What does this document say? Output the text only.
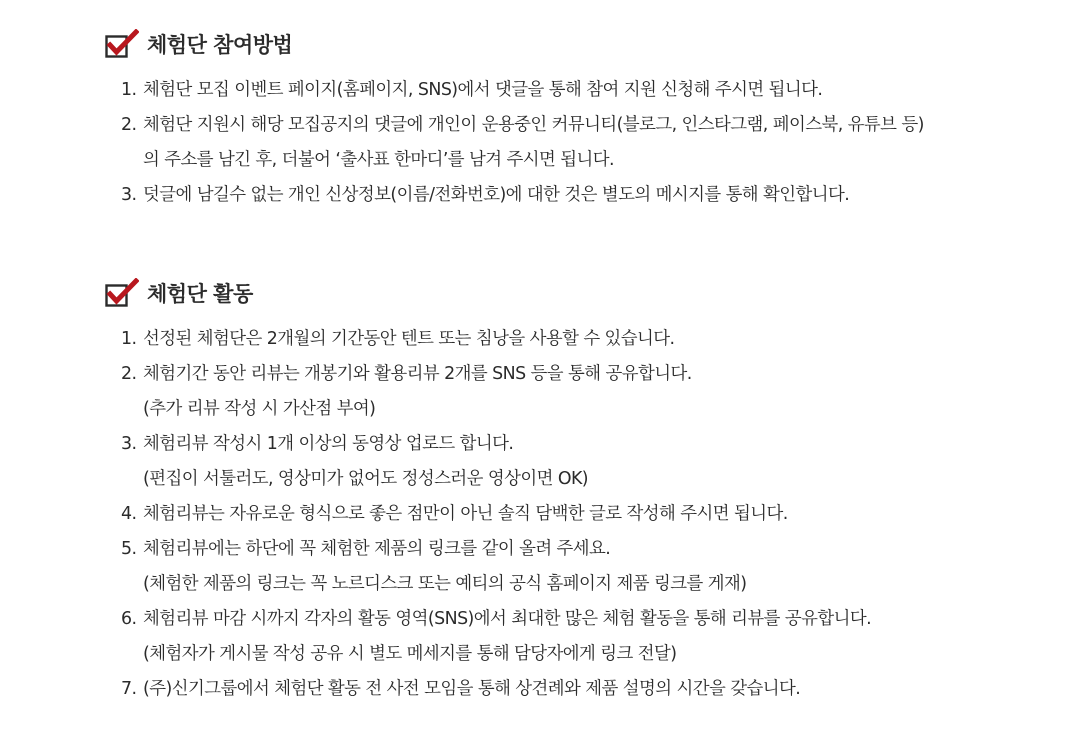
체험단 참여방법
1. 체험단 모집 이벤트 페이지(홈페이지, SNS)에서 댓글을 통해 참여 지원 신청해 주시면 됩니다.
2. 체험단 지원시 해당 모집공지의 댓글에 개인이 운용중인 커뮤니티(블로그, 인스타그램, 페이스북, 유튜브 등)
의 주소를 남긴 후, 더불어 ‘출사표 한마디’를 남겨 주시면 됩니다.
3. 덧글에 남길수 없는 개인 신상정보(이름/전화번호)에 대한 것은 별도의 메시지를 통해 확인합니다.
체험단 활동
1. 선정된 체험단은 2개월의 기간동안 텐트 또는 침낭을 사용할 수 있습니다.
2. 체험기간 동안 리뷰는 개봉기와 활용리뷰 2개를 SNS 등을 통해 공유합니다.
(추가 리뷰 작성 시 가산점 부여)
3. 체험리뷰 작성시 1개 이상의 동영상 업로드 합니다.
(편집이 서툴러도, 영상미가 없어도 정성스러운 영상이면 OK)
4. 체험리뷰는 자유로운 형식으로 좋은 점만이 아닌 솔직 담백한 글로 작성해 주시면 됩니다.
5. 체험리뷰에는 하단에 꼭 체험한 제품의 링크를 같이 올려 주세요.
(체험한 제품의 링크는 꼭 노르디스크 또는 예티의 공식 홈페이지 제품 링크를 게재)
6. 체험리뷰 마감 시까지 각자의 활동 영역(SNS)에서 최대한 많은 체험 활동을 통해 리뷰를 공유합니다.
(체험자가 게시물 작성 공유 시 별도 메세지를 통해 담당자에게 링크 전달)
7. (주)신기그룹에서 체험단 활동 전 사전 모임을 통해 상견례와 제품 설명의 시간을 갖습니다.
